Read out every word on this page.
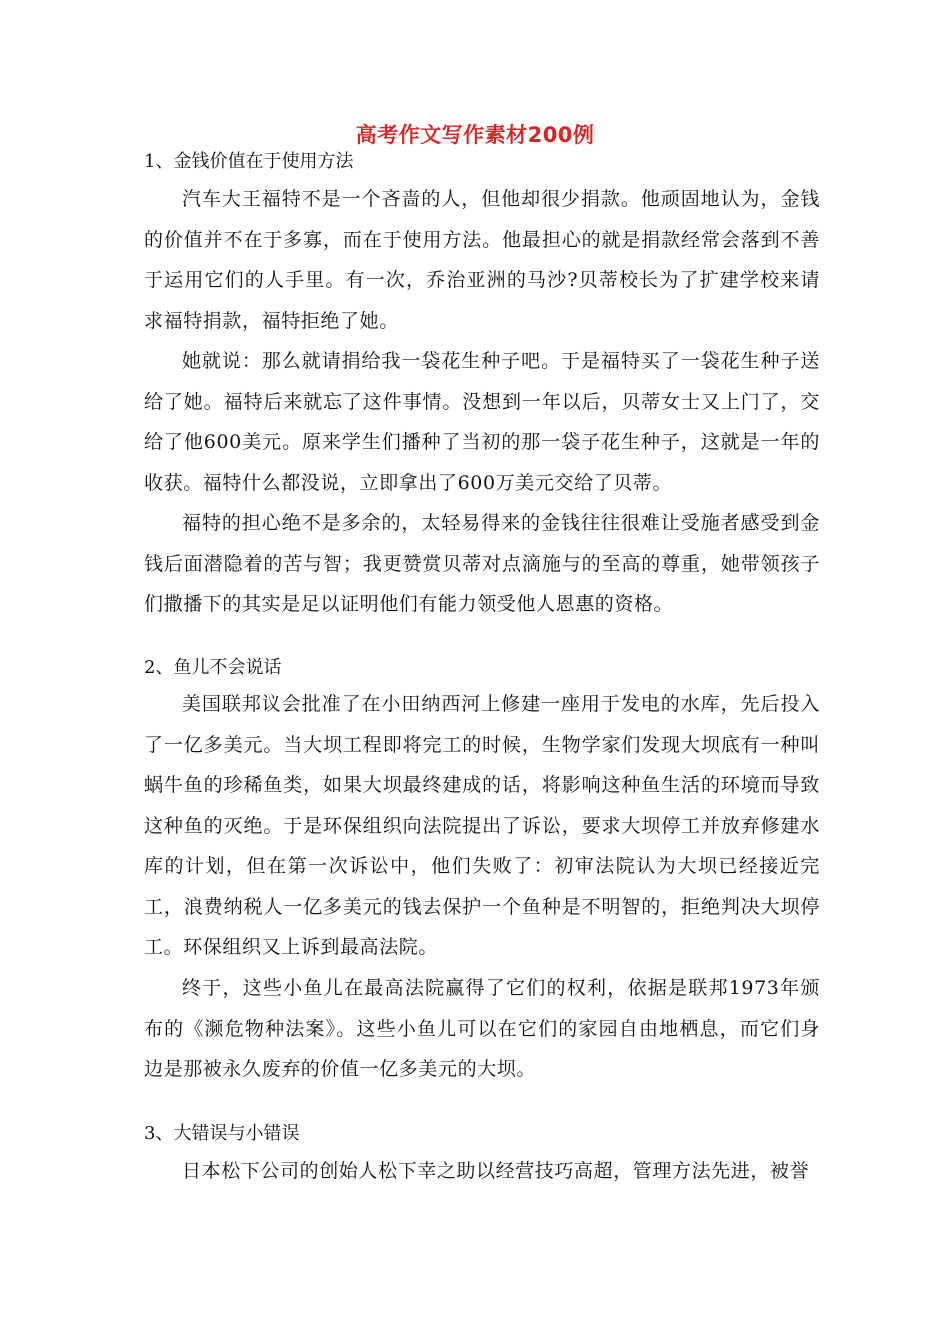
高考作文写作素材200例
1、金钱价值在于使用方法

汽车大王福特不是一个吝啬的人，但他却很少捐款。他顽固地认为，金钱的价值并不在于多寡，而在于使用方法。他最担心的就是捐款经常会落到不善于运用它们的人手里。有一次，乔治亚洲的马沙?贝蒂校长为了扩建学校来请求福特捐款，福特拒绝了她。

她就说：那么就请捐给我一袋花生种子吧。于是福特买了一袋花生种子送给了她。福特后来就忘了这件事情。没想到一年以后，贝蒂女士又上门了，交给了他600美元。原来学生们播种了当初的那一袋子花生种子，这就是一年的收获。福特什么都没说，立即拿出了600万美元交给了贝蒂。

福特的担心绝不是多余的，太轻易得来的金钱往往很难让受施者感受到金钱后面潜隐着的苦与智；我更赞赏贝蒂对点滴施与的至高的尊重，她带领孩子们撒播下的其实是足以证明他们有能力领受他人恩惠的资格。

2、鱼儿不会说话

美国联邦议会批准了在小田纳西河上修建一座用于发电的水库，先后投入了一亿多美元。当大坝工程即将完工的时候，生物学家们发现大坝底有一种叫蜗牛鱼的珍稀鱼类，如果大坝最终建成的话，将影响这种鱼生活的环境而导致这种鱼的灭绝。于是环保组织向法院提出了诉讼，要求大坝停工并放弃修建水库的计划，但在第一次诉讼中，他们失败了：初审法院认为大坝已经接近完工，浪费纳税人一亿多美元的钱去保护一个鱼种是不明智的，拒绝判决大坝停工。环保组织又上诉到最高法院。

终于，这些小鱼儿在最高法院赢得了它们的权利，依据是联邦1973年颁布的《濒危物种法案》。这些小鱼儿可以在它们的家园自由地栖息，而它们身边是那被永久废弃的价值一亿多美元的大坝。

3、大错误与小错误

日本松下公司的创始人松下幸之助以经营技巧高超，管理方法先进，被誉
